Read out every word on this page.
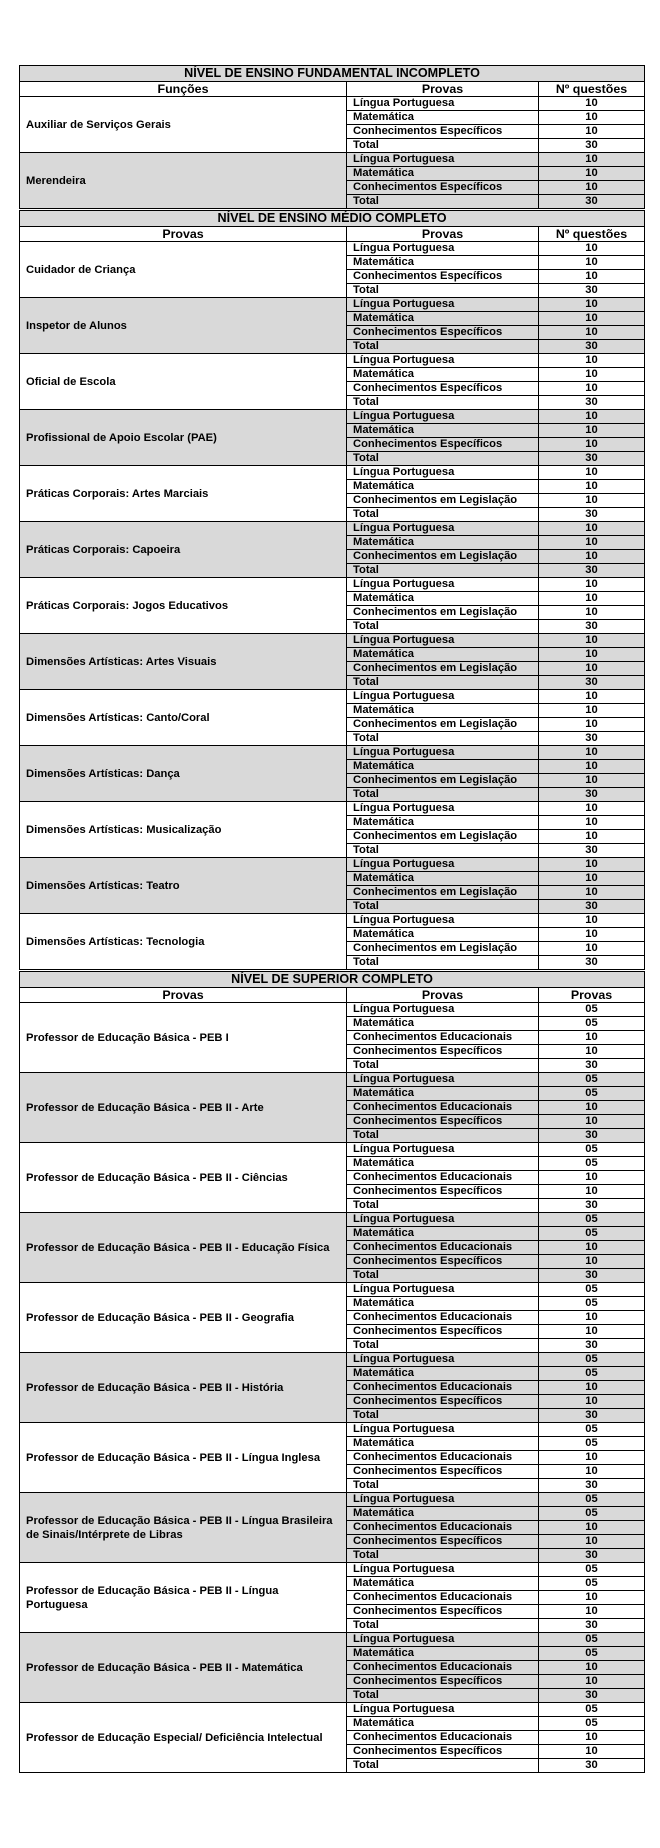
NÍVEL DE ENSINO FUNDAMENTAL INCOMPLETO		
Funções	Provas	Nº questões
Auxiliar de Serviços Gerais	Língua Portuguesa	10
	Matemática	10
	Conhecimentos Específicos	10
	Total	30
Merendeira	Língua Portuguesa	10
	Matemática	10
	Conhecimentos Específicos	10
	Total	30
NÍVEL DE ENSINO MÉDIO COMPLETO		
Provas	Provas	Nº questões
Cuidador de Criança	Língua Portuguesa	10
	Matemática	10
	Conhecimentos Específicos	10
	Total	30
Inspetor de Alunos	Língua Portuguesa	10
	Matemática	10
	Conhecimentos Específicos	10
	Total	30
Oficial de Escola	Língua Portuguesa	10
	Matemática	10
	Conhecimentos Específicos	10
	Total	30
Profissional de Apoio Escolar (PAE)	Língua Portuguesa	10
	Matemática	10
	Conhecimentos Específicos	10
	Total	30
Práticas Corporais: Artes Marciais	Língua Portuguesa	10
	Matemática	10
	Conhecimentos em Legislação	10
	Total	30
Práticas Corporais: Capoeira	Língua Portuguesa	10
	Matemática	10
	Conhecimentos em Legislação	10
	Total	30
Práticas Corporais: Jogos Educativos	Língua Portuguesa	10
	Matemática	10
	Conhecimentos em Legislação	10
	Total	30
Dimensões Artísticas: Artes Visuais	Língua Portuguesa	10
	Matemática	10
	Conhecimentos em Legislação	10
	Total	30
Dimensões Artísticas: Canto/Coral	Língua Portuguesa	10
	Matemática	10
	Conhecimentos em Legislação	10
	Total	30
Dimensões Artísticas: Dança	Língua Portuguesa	10
	Matemática	10
	Conhecimentos em Legislação	10
	Total	30
Dimensões Artísticas: Musicalização	Língua Portuguesa	10
	Matemática	10
	Conhecimentos em Legislação	10
	Total	30
Dimensões Artísticas: Teatro	Língua Portuguesa	10
	Matemática	10
	Conhecimentos em Legislação	10
	Total	30
Dimensões Artísticas: Tecnologia	Língua Portuguesa	10
	Matemática	10
	Conhecimentos em Legislação	10
	Total	30
NÍVEL DE SUPERIOR COMPLETO		
Provas	Provas	Provas
Professor de Educação Básica - PEB I	Língua Portuguesa	05
	Matemática	05
	Conhecimentos Educacionais	10
	Conhecimentos Específicos	10
	Total	30
Professor de Educação Básica - PEB II - Arte	Língua Portuguesa	05
	Matemática	05
	Conhecimentos Educacionais	10
	Conhecimentos Específicos	10
	Total	30
Professor de Educação Básica - PEB II - Ciências	Língua Portuguesa	05
	Matemática	05
	Conhecimentos Educacionais	10
	Conhecimentos Específicos	10
	Total	30
Professor de Educação Básica - PEB II - Educação Física	Língua Portuguesa	05
	Matemática	05
	Conhecimentos Educacionais	10
	Conhecimentos Específicos	10
	Total	30
Professor de Educação Básica - PEB II - Geografia	Língua Portuguesa	05
	Matemática	05
	Conhecimentos Educacionais	10
	Conhecimentos Específicos	10
	Total	30
Professor de Educação Básica - PEB II - História	Língua Portuguesa	05
	Matemática	05
	Conhecimentos Educacionais	10
	Conhecimentos Específicos	10
	Total	30
Professor de Educação Básica - PEB II - Língua Inglesa	Língua Portuguesa	05
	Matemática	05
	Conhecimentos Educacionais	10
	Conhecimentos Específicos	10
	Total	30
Professor de Educação Básica - PEB II - Língua Brasileira de Sinais/Intérprete de Libras	Língua Portuguesa	05
	Matemática	05
	Conhecimentos Educacionais	10
	Conhecimentos Específicos	10
	Total	30
Professor de Educação Básica - PEB II - Língua Portuguesa	Língua Portuguesa	05
	Matemática	05
	Conhecimentos Educacionais	10
	Conhecimentos Específicos	10
	Total	30
Professor de Educação Básica - PEB II - Matemática	Língua Portuguesa	05
	Matemática	05
	Conhecimentos Educacionais	10
	Conhecimentos Específicos	10
	Total	30
Professor de Educação Especial/ Deficiência Intelectual	Língua Portuguesa	05
	Matemática	05
	Conhecimentos Educacionais	10
	Conhecimentos Específicos	10
	Total	30
